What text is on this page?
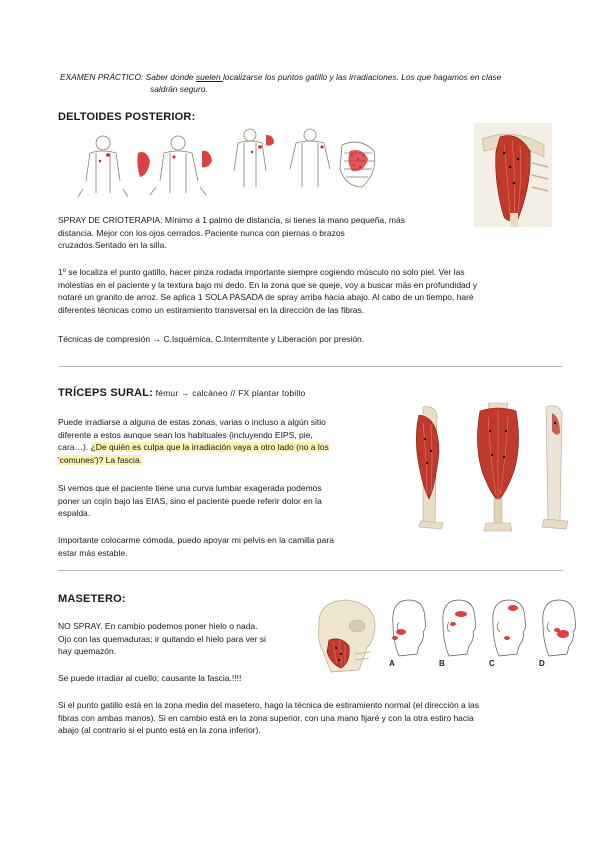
EXAMEN PRÁCTICO: Saber donde suelen localizarse los puntos gatillo y las irradiaciones. Los que hagamos en clase
saldrán seguro.
DELTOIDES POSTERIOR:
SPRAY DE CRIOTERAPIA: Mínimo a 1 palmo de distancia, si tienes la mano pequeña, más
distancia. Mejor con los ojos cerrados. Paciente nunca con piernas o brazos
cruzados.Sentado en la silla.
1º se localiza el punto gatillo, hacer pinza rodada importante siempre cogiendo músculo no solo piel. Ver las
molestias en el paciente y la textura bajo mi dedo. En la zona que se queje, voy a buscar más en profundidad y
notaré un granito de arroz. Se aplica 1 SOLA PASADA de spray arriba hacia abajo. Al cabo de un tiempo, haré
diferentes técnicas como un estiramiento transversal en la dirección de las fibras.
Técnicas de compresión → C.Isquémica, C.Intermitente y Liberación por presión.
TRÍCEPS SURAL: fémur → calcáneo // FX plantar tobillo
Puede irradiarse a alguna de estas zonas, varias o incluso a algún sitio
diferente a estos aunque sean los habituales (incluyendo EIPS, pie,
cara…). ¿De quién es culpa que la irradiación vaya a otro lado (no a los
'comunes')? La fascia.
Si vemos que el paciente tiene una curva lumbar exagerada podemos
poner un cojín bajo las EIAS, sino el paciente puede referir dolor en la
espalda.
Importante colocarme cómoda, puedo apoyar mi pelvis en la camilla para
estar más estable.
MASETERO:
NO SPRAY. En cambio podemos poner hielo o nada.
Ojo con las quemaduras; ir quitando el hielo para ver si
hay quemazón.
Se puede irradiar al cuello; causante la fascia.!!!!
Si el punto gatillo está en la zona media del masetero, hago la técnica de estiramiento normal (el dirección a las
fibras con ambas manos). Si en cambio está en la zona superior, con una mano fijaré y con la otra estiro hacia
abajo (al contrario si el punto está en la zona inferior).
A	B	C	D
